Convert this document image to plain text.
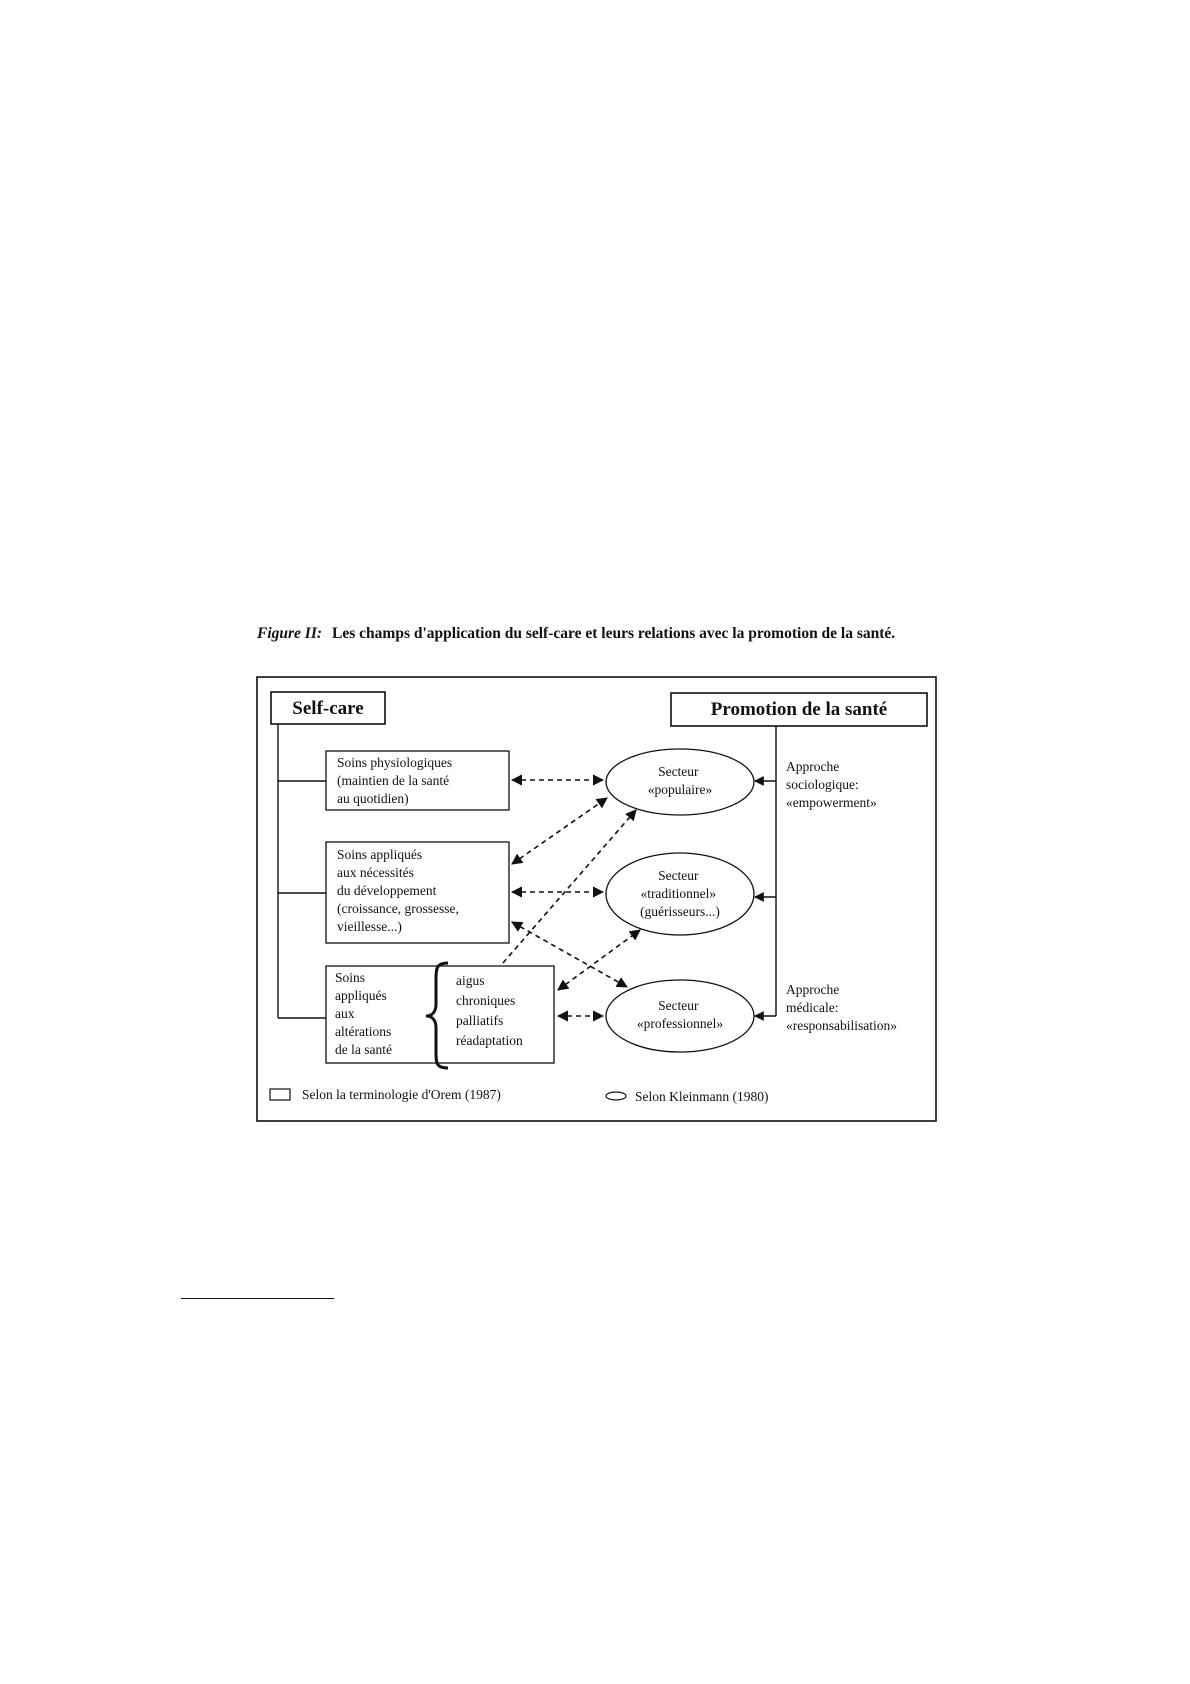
Figure II: Les champs d'application du self-care et leurs relations avec la promotion de la santé.
Self-care	Promotion de la santé
Soins physiologiques (maintien de la santé au quotidien)
Soins appliqués aux nécessités du développement (croissance, grossesse, vieillesse...)
Soins appliqués aux altérations de la santé
aigus chroniques palliatifs réadaptation
Secteur «populaire»
Secteur «traditionnel» (guérisseurs...)
Secteur «professionnel»
Approche sociologique: «empowerment»
Approche médicale: «responsabilisation»
Selon la terminologie d'Orem (1987)	Selon Kleinmann (1980)
